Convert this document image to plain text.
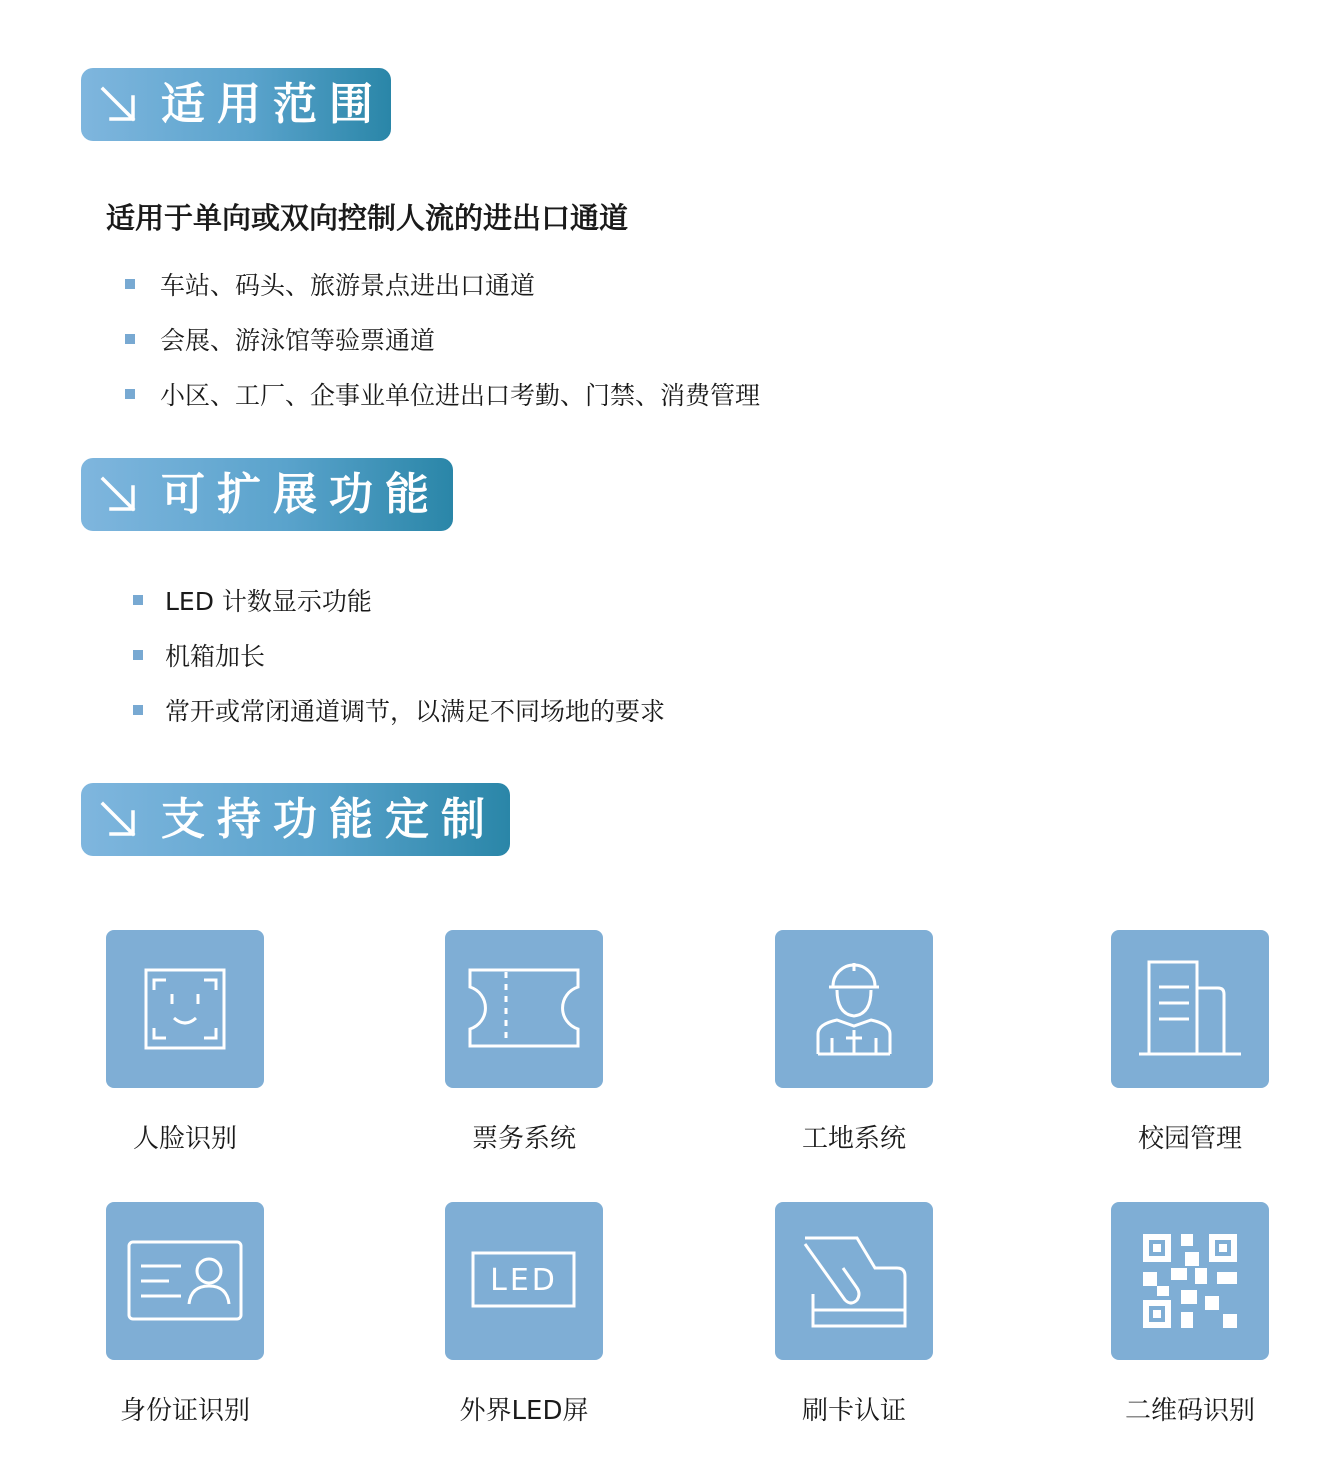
适用范围
适用于单向或双向控制人流的进出口通道
车站、码头、旅游景点进出口通道
会展、游泳馆等验票通道
小区、工厂、企事业单位进出口考勤、门禁、消费管理
可扩展功能
LED 计数显示功能
机箱加长
常开或常闭通道调节，以满足不同场地的要求
支持功能定制
人脸识别	票务系统	工地系统	校园管理
身份证识别
LED
外界LED屏	刷卡认证	二维码识别
